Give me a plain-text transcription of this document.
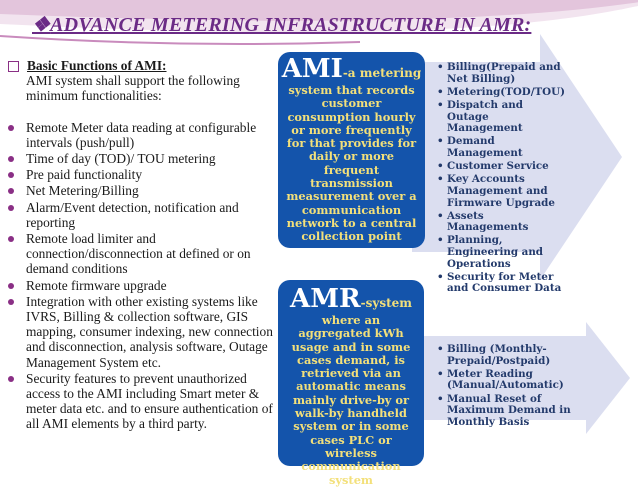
❖ADVANCE METERING INFRASTRUCTURE IN AMR:
Basic Functions of AMI:
AMI system shall support the following minimum functionalities:
Remote Meter data reading at configurable intervals (push/pull)
Time of day (TOD)/ TOU metering
Pre paid functionality
Net Metering/Billing
Alarm/Event detection, notification and reporting
Remote load limiter and connection/disconnection at defined or on demand conditions
Remote firmware upgrade
Integration with other existing systems like IVRS, Billing & collection software, GIS mapping, consumer indexing, new connection and disconnection, analysis software, Outage Management System etc.
Security features to prevent unauthorized access to the AMI including Smart meter & meter data etc. and to ensure authentication of all AMI elements by a third party.
AMI-a metering
system that records customer consumption hourly or more frequently for that provides for daily or more frequent transmission measurement over a communication network to a central collection point
• Billing(Prepaid and Net Billing)
• Metering(TOD/TOU)
• Dispatch and Outage Management
• Demand Management
• Customer Service
• Key Accounts Management and Firmware Upgrade
• Assets Managements
• Planning, Engineering and Operations
• Security for Meter and Consumer Data
AMR-system
where an aggregated kWh usage and in some cases demand, is retrieved via an automatic means mainly drive-by or walk-by handheld system or in some cases PLC or wireless communication system
• Billing (Monthly-Prepaid/Postpaid)
• Meter Reading (Manual/Automatic)
• Manual Reset of Maximum Demand in Monthly Basis
